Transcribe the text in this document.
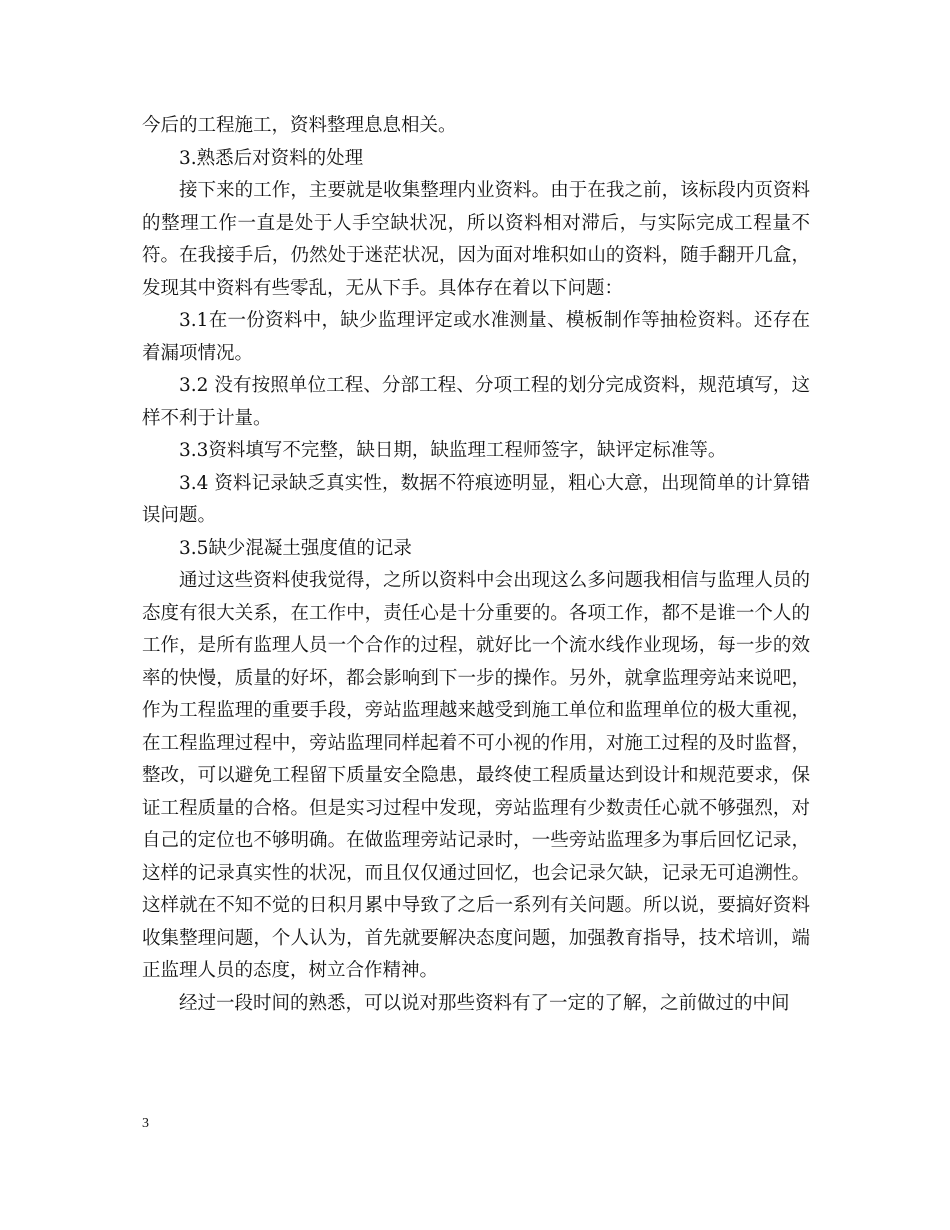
今后的工程施工，资料整理息息相关。

3.熟悉后对资料的处理

接下来的工作，主要就是收集整理内业资料。由于在我之前，该标段内页资料的整理工作一直是处于人手空缺状况，所以资料相对滞后，与实际完成工程量不符。在我接手后，仍然处于迷茫状况，因为面对堆积如山的资料，随手翻开几盒，发现其中资料有些零乱，无从下手。具体存在着以下问题：

3.1在一份资料中，缺少监理评定或水准测量、模板制作等抽检资料。还存在着漏项情况。

3.2 没有按照单位工程、分部工程、分项工程的划分完成资料，规范填写，这样不利于计量。

3.3资料填写不完整，缺日期，缺监理工程师签字，缺评定标准等。

3.4 资料记录缺乏真实性，数据不符痕迹明显，粗心大意，出现简单的计算错误问题。

3.5缺少混凝土强度值的记录

通过这些资料使我觉得，之所以资料中会出现这么多问题我相信与监理人员的态度有很大关系，在工作中，责任心是十分重要的。各项工作，都不是谁一个人的工作，是所有监理人员一个合作的过程，就好比一个流水线作业现场，每一步的效率的快慢，质量的好坏，都会影响到下一步的操作。另外，就拿监理旁站来说吧，作为工程监理的重要手段，旁站监理越来越受到施工单位和监理单位的极大重视，在工程监理过程中，旁站监理同样起着不可小视的作用，对施工过程的及时监督，整改，可以避免工程留下质量安全隐患，最终使工程质量达到设计和规范要求，保证工程质量的合格。但是实习过程中发现，旁站监理有少数责任心就不够强烈，对自己的定位也不够明确。在做监理旁站记录时，一些旁站监理多为事后回忆记录，这样的记录真实性的状况，而且仅仅通过回忆，也会记录欠缺，记录无可追溯性。这样就在不知不觉的日积月累中导致了之后一系列有关问题。所以说，要搞好资料收集整理问题，个人认为，首先就要解决态度问题，加强教育指导，技术培训，端正监理人员的态度，树立合作精神。

经过一段时间的熟悉，可以说对那些资料有了一定的了解，之前做过的中间

3
